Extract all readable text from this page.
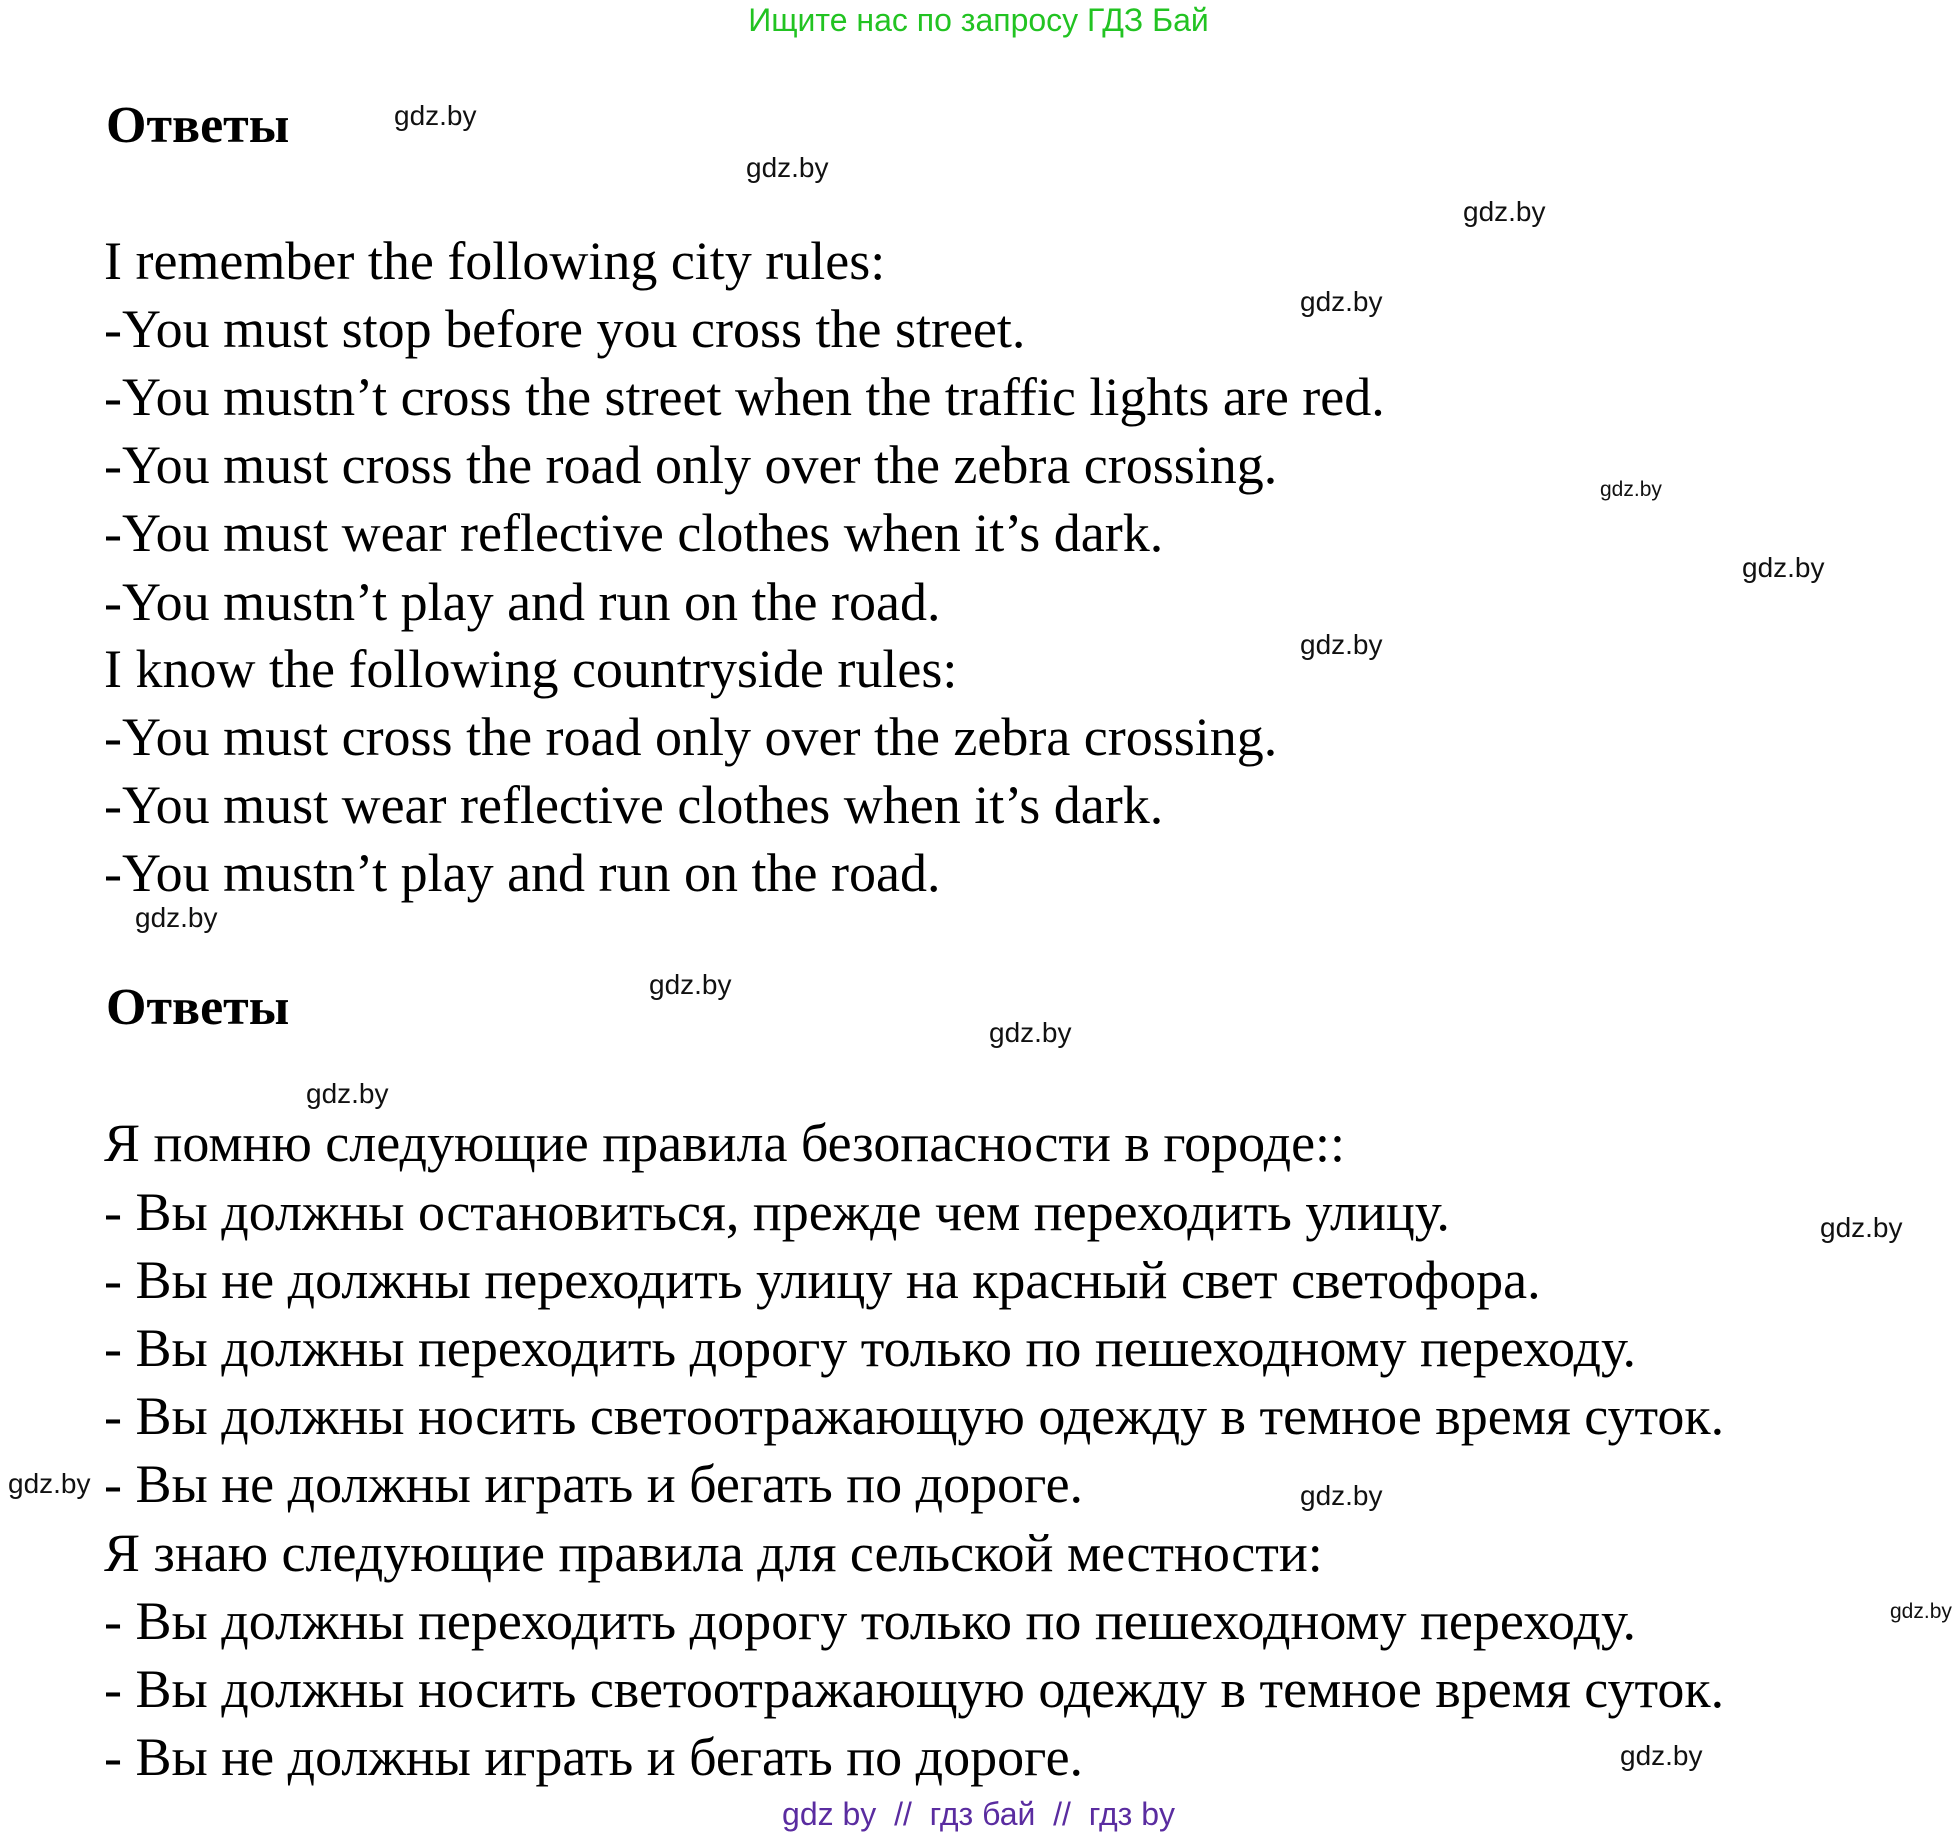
Ищите нас по запросу ГДЗ Бай
Ответы
I remember the following city rules:
-You must stop before you cross the street.
-You mustn’t cross the street when the traffic lights are red.
-You must cross the road only over the zebra crossing.
-You must wear reflective clothes when it’s dark.
-You mustn’t play and run on the road.
I know the following countryside rules:
-You must cross the road only over the zebra crossing.
-You must wear reflective clothes when it’s dark.
-You mustn’t play and run on the road.
Ответы
Я помню следующие правила безопасности в городе::
- Вы должны остановиться, прежде чем переходить улицу.
- Вы не должны переходить улицу на красный свет светофора.
- Вы должны переходить дорогу только по пешеходному переходу.
- Вы должны носить светоотражающую одежду в темное время суток.
- Вы не должны играть и бегать по дороге.
Я знаю следующие правила для сельской местности:
- Вы должны переходить дорогу только по пешеходному переходу.
- Вы должны носить светоотражающую одежду в темное время суток.
- Вы не должны играть и бегать по дороге.
gdz.by
gdz.by
gdz.by
gdz.by
gdz.by
gdz.by
gdz.by
gdz.by
gdz.by
gdz.by
gdz.by
gdz.by
gdz.by	gdz.by
gdz.by
gdz.by
gdz by  //  гдз бай  //  гдз by
